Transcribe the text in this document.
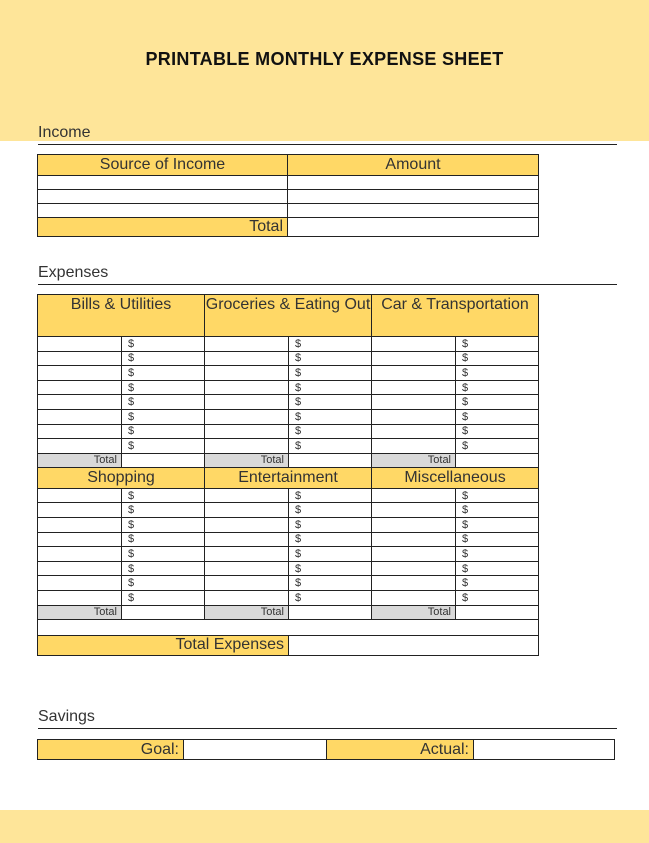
PRINTABLE MONTHLY EXPENSE SHEET
Income
Source of Income	Amount

Total	
Expenses
Bills & Utilities		Groceries & Eating Out		Car & Transportation	
	$		$		$
	$		$		$
	$		$		$
	$		$		$
	$		$		$
	$		$		$
	$		$		$
	$		$		$
Total		Total		Total	
Shopping		Entertainment		Miscellaneous	
	$		$		$
	$		$		$
	$		$		$
	$		$		$
	$		$		$
	$		$		$
	$		$		$
	$		$		$
Total		Total		Total	

Total Expenses					
Savings
Goal:		Actual:	
